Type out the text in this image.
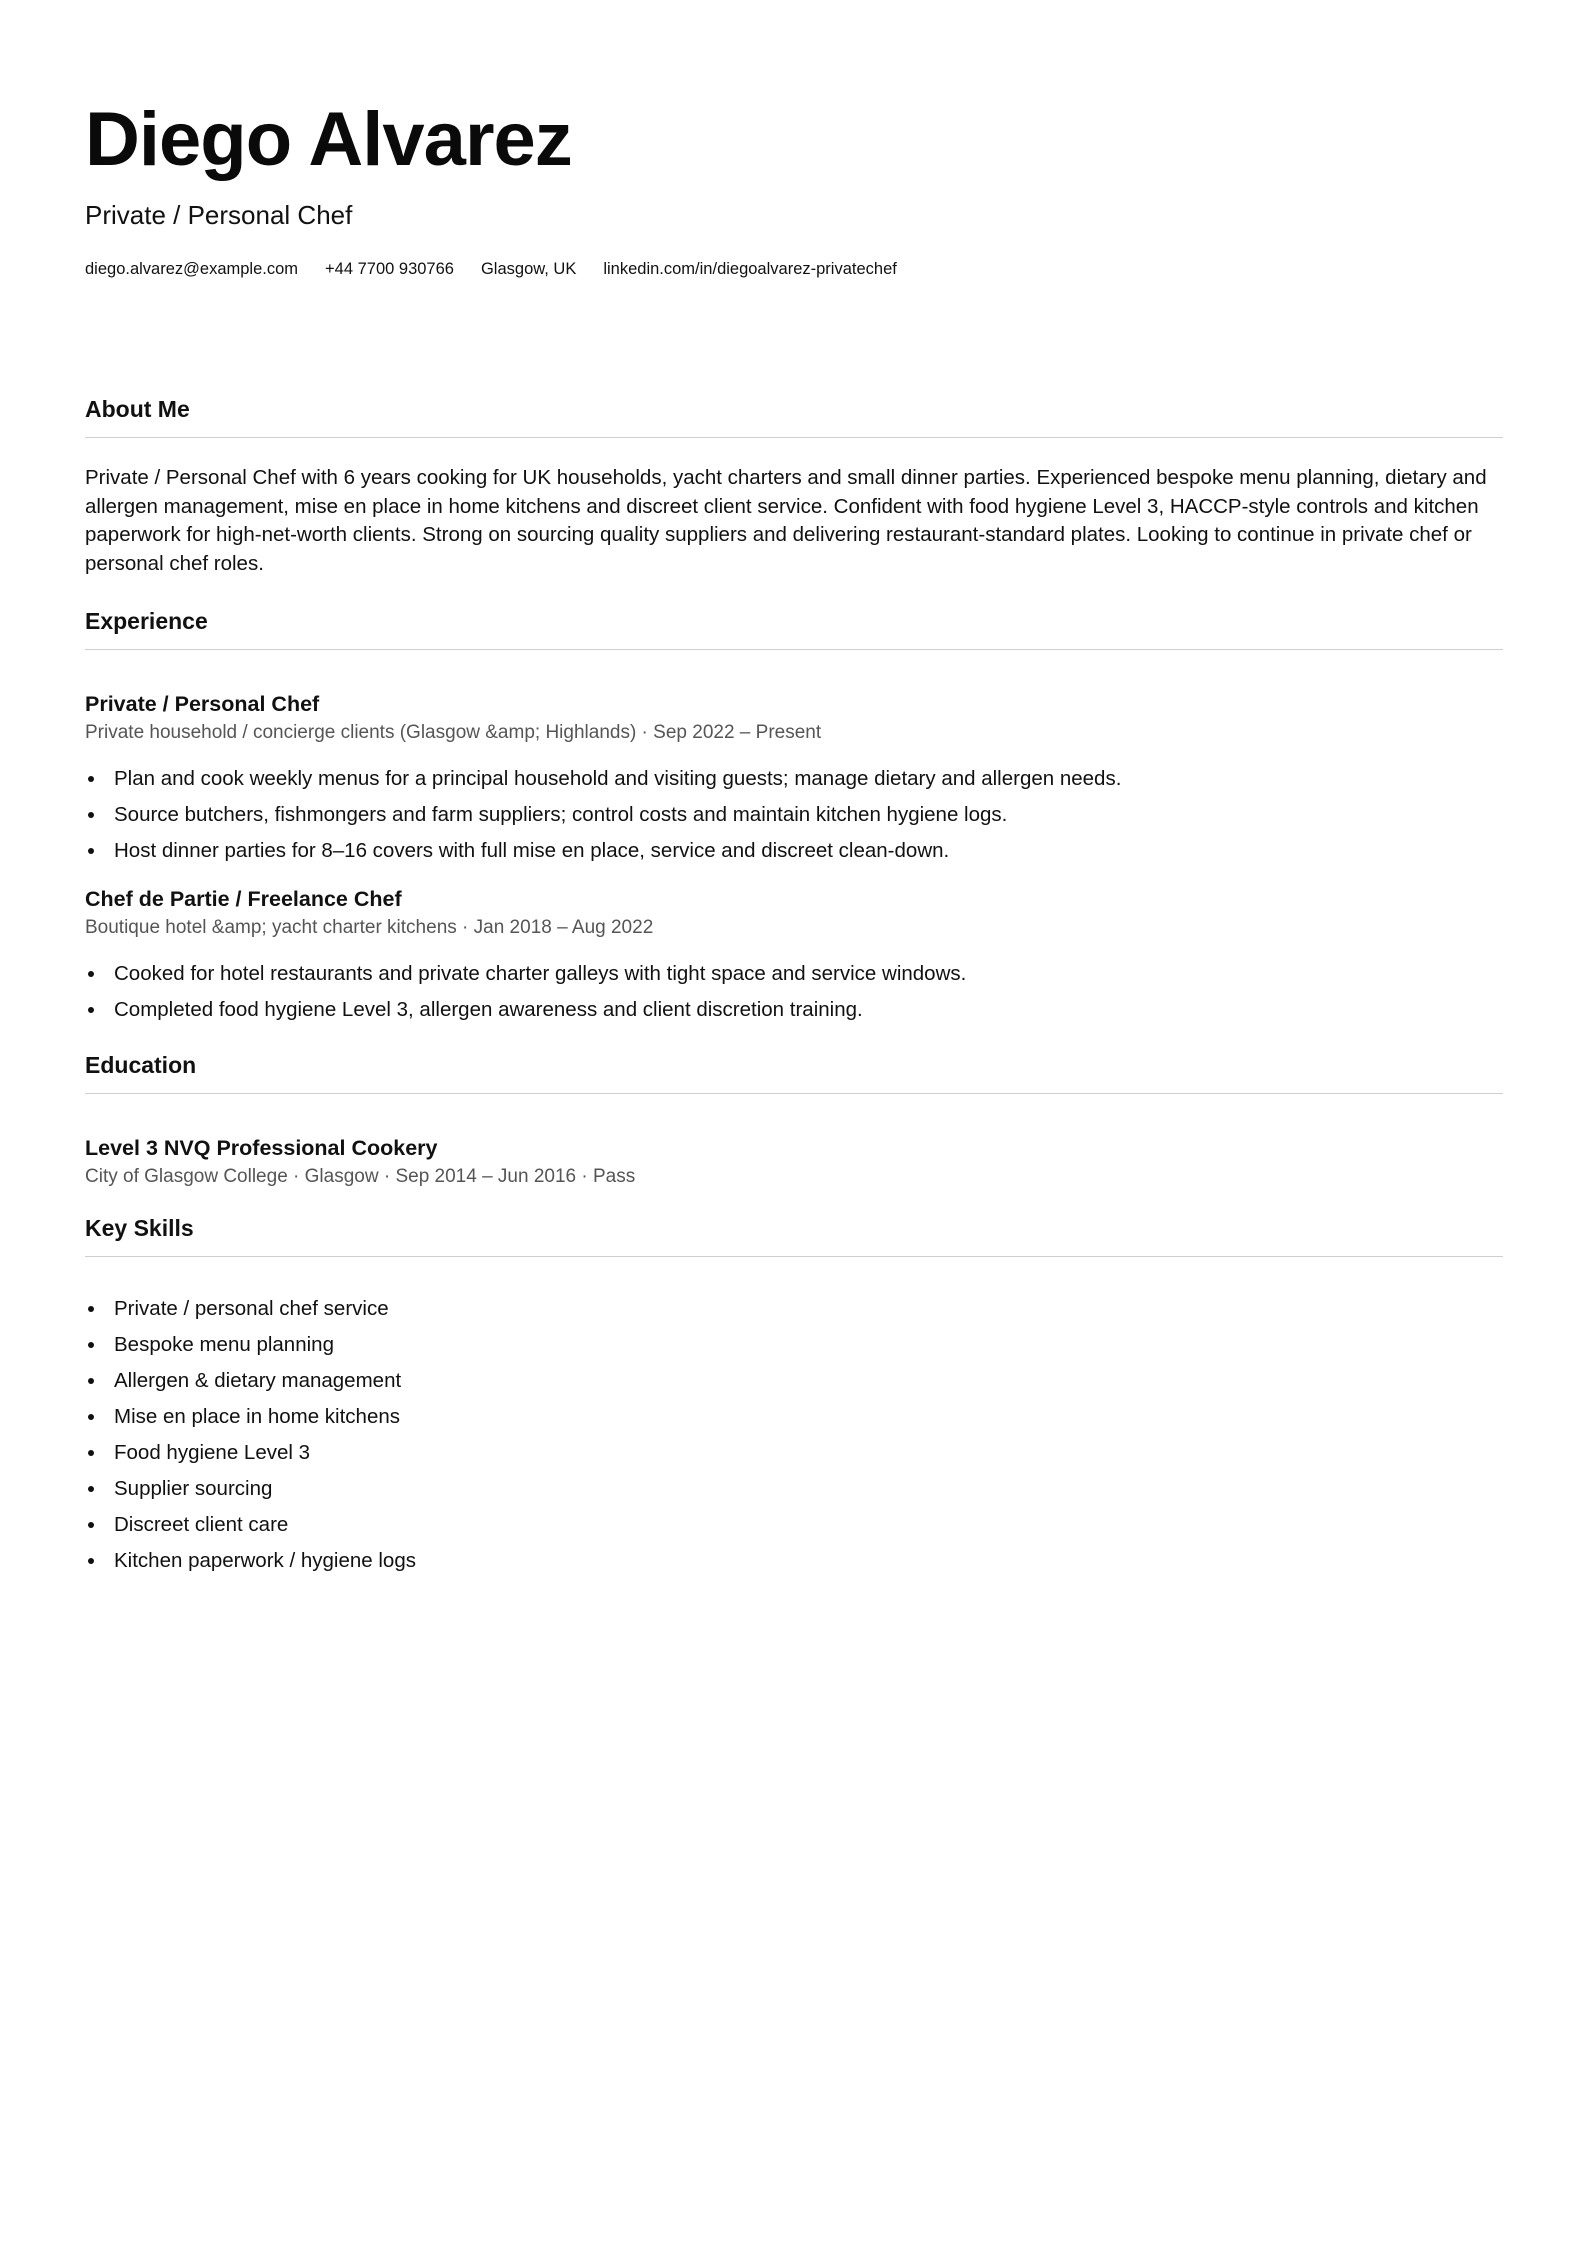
Diego Alvarez
Private / Personal Chef
diego.alvarez@example.com +44 7700 930766 Glasgow, UK linkedin.com/in/diegoalvarez-privatechef
About Me

Private / Personal Chef with 6 years cooking for UK households, yacht charters and small dinner parties. Experienced bespoke menu planning, dietary and allergen management, mise en place in home kitchens and discreet client service. Confident with food hygiene Level 3, HACCP-style controls and kitchen paperwork for high-net-worth clients. Strong on sourcing quality suppliers and delivering restaurant-standard plates. Looking to continue in private chef or personal chef roles.

Experience
Private / Personal Chef
Private household / concierge clients (Glasgow &amp; Highlands) · Sep 2022 – Present
Plan and cook weekly menus for a principal household and visiting guests; manage dietary and allergen needs.
Source butchers, fishmongers and farm suppliers; control costs and maintain kitchen hygiene logs.
Host dinner parties for 8–16 covers with full mise en place, service and discreet clean-down.
Chef de Partie / Freelance Chef
Boutique hotel &amp; yacht charter kitchens · Jan 2018 – Aug 2022
Cooked for hotel restaurants and private charter galleys with tight space and service windows.
Completed food hygiene Level 3, allergen awareness and client discretion training.
Education
Level 3 NVQ Professional Cookery
City of Glasgow College · Glasgow · Sep 2014 – Jun 2016 · Pass
Key Skills
Private / personal chef service
Bespoke menu planning
Allergen & dietary management
Mise en place in home kitchens
Food hygiene Level 3
Supplier sourcing
Discreet client care
Kitchen paperwork / hygiene logs
